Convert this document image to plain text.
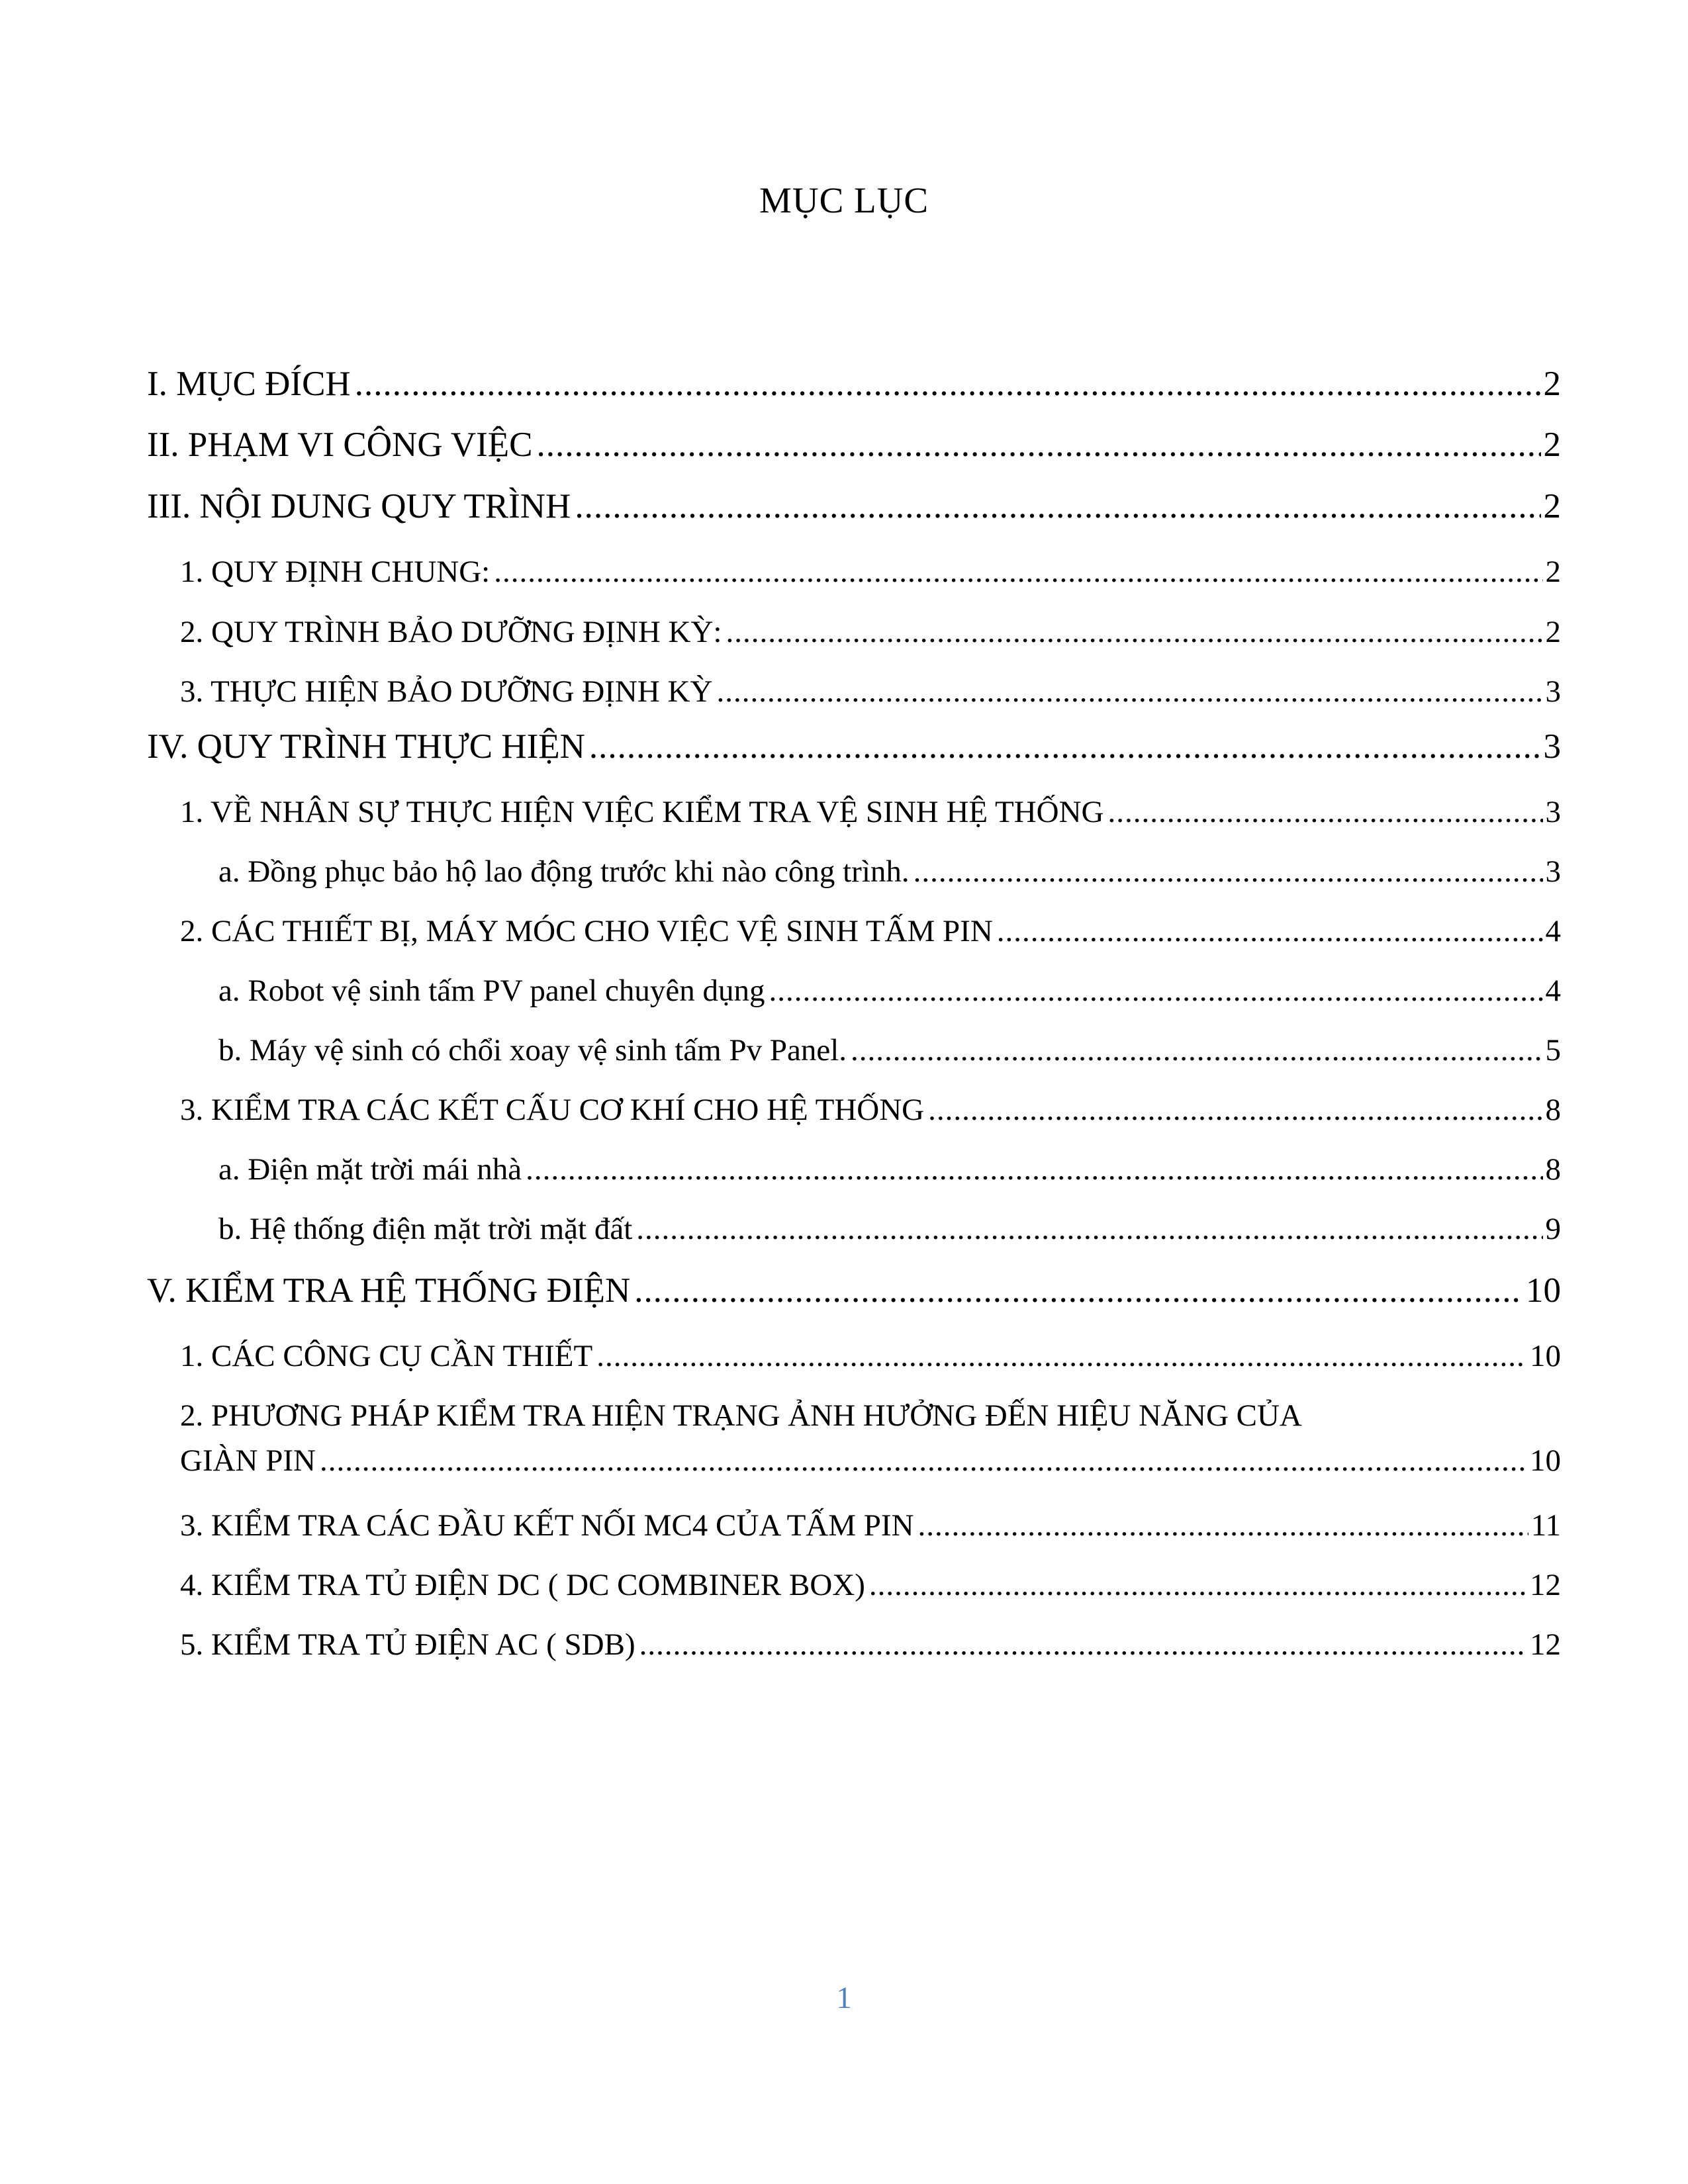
MỤC LỤC
I. MỤC ĐÍCH .....	2
II. PHẠM VI CÔNG VIỆC .....	2
III. NỘI DUNG QUY TRÌNH .....	2
1. QUY ĐỊNH CHUNG: .....	2
2. QUY TRÌNH BẢO DƯỠNG ĐỊNH KỲ: .....	2
3. THỰC HIỆN BẢO DƯỠNG ĐỊNH KỲ .....	3
IV. QUY TRÌNH THỰC HIỆN .....	3
1. VỀ NHÂN SỰ THỰC HIỆN VIỆC KIỂM TRA VỆ SINH HỆ THỐNG .....	3
a. Đồng phục bảo hộ lao động trước khi nào công trình. .....	3
2. CÁC THIẾT BỊ, MÁY MÓC CHO VIỆC VỆ SINH TẤM PIN .....	4
a. Robot vệ sinh tấm PV panel chuyên dụng .....	4
b. Máy vệ sinh có chổi xoay vệ sinh tấm Pv Panel. .....	5
3. KIỂM TRA CÁC KẾT CẤU CƠ KHÍ CHO HỆ THỐNG .....	8
a. Điện mặt trời mái nhà .....	8
b. Hệ thống điện mặt trời mặt đất .....	9
V. KIỂM TRA HỆ THỐNG ĐIỆN .....	10
1. CÁC CÔNG CỤ CẦN THIẾT .....	10
2. PHƯƠNG PHÁP KIỂM TRA HIỆN TRẠNG ẢNH HƯỞNG ĐẾN HIỆU NĂNG CỦA
GIÀN PIN .....	10
3. KIỂM TRA CÁC ĐẦU KẾT NỐI MC4 CỦA TẤM PIN .....	11
4. KIỂM TRA TỦ ĐIỆN DC ( DC COMBINER BOX) .....	12
5. KIỂM TRA TỦ ĐIỆN AC ( SDB) .....	12
1
